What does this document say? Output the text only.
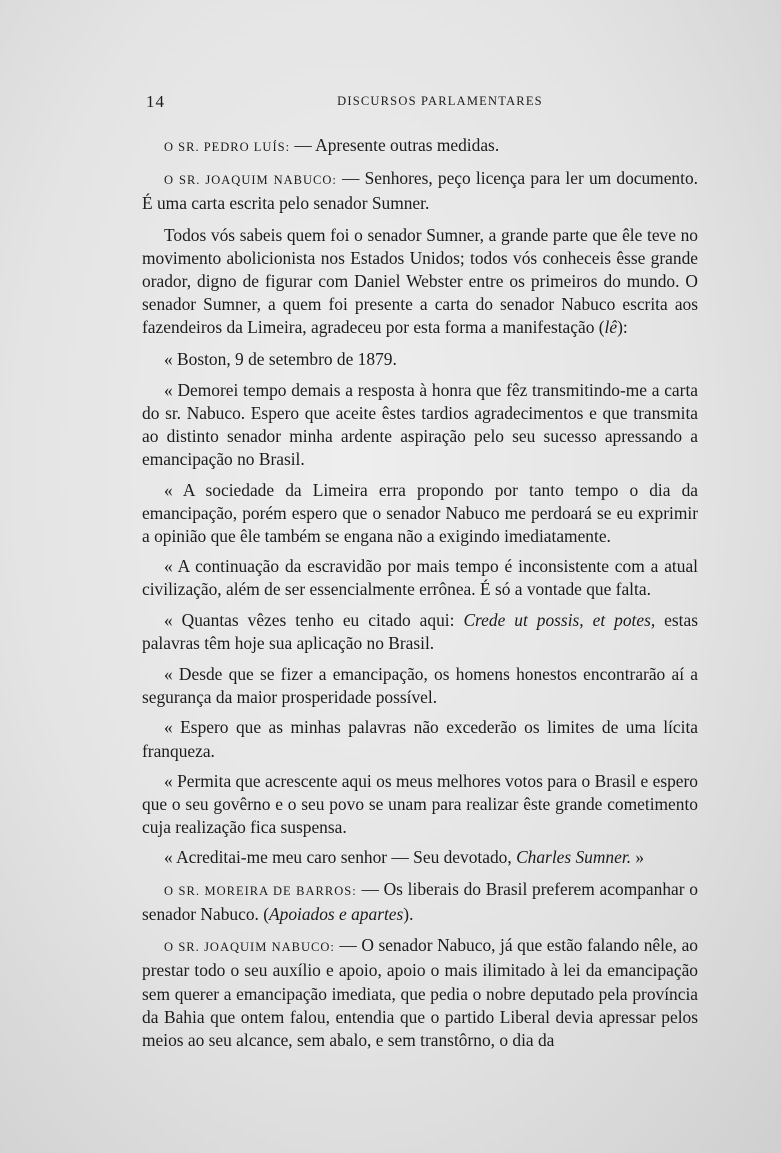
14	DISCURSOS PARLAMENTARES

O SR. PEDRO LUÍS: — Apresente outras medidas.

O SR. JOAQUIM NABUCO: — Senhores, peço licença para ler um documento. É uma carta escrita pelo senador Sumner.

Todos vós sabeis quem foi o senador Sumner, a grande parte que êle teve no movimento abolicionista nos Estados Unidos; todos vós conheceis êsse grande orador, digno de figurar com Daniel Webster entre os primeiros do mundo. O senador Sumner, a quem foi presente a carta do senador Nabuco escrita aos fazendeiros da Limeira, agradeceu por esta forma a manifestação (lê):

« Boston, 9 de setembro de 1879.

« Demorei tempo demais a resposta à honra que fêz transmitindo-me a carta do sr. Nabuco. Espero que aceite êstes tardios agradecimentos e que transmita ao distinto senador minha ardente aspiração pelo seu sucesso apressando a emancipação no Brasil.

« A sociedade da Limeira erra propondo por tanto tempo o dia da emancipação, porém espero que o senador Nabuco me perdoará se eu exprimir a opinião que êle também se engana não a exigindo imediatamente.

« A continuação da escravidão por mais tempo é inconsistente com a atual civilização, além de ser essencialmente errônea. É só a vontade que falta.

« Quantas vêzes tenho eu citado aqui: Crede ut possis, et potes, estas palavras têm hoje sua aplicação no Brasil.

« Desde que se fizer a emancipação, os homens honestos encontrarão aí a segurança da maior prosperidade possível.

« Espero que as minhas palavras não excederão os limites de uma lícita franqueza.

« Permita que acrescente aqui os meus melhores votos para o Brasil e espero que o seu govêrno e o seu povo se unam para realizar êste grande cometimento cuja realização fica suspensa.

« Acreditai-me meu caro senhor — Seu devotado, Charles Sumner. »

O SR. MOREIRA DE BARROS: — Os liberais do Brasil preferem acompanhar o senador Nabuco. (Apoiados e apartes).

O SR. JOAQUIM NABUCO: — O senador Nabuco, já que estão falando nêle, ao prestar todo o seu auxílio e apoio, apoio o mais ilimitado à lei da emancipação sem querer a emancipação imediata, que pedia o nobre deputado pela província da Bahia que ontem falou, entendia que o partido Liberal devia apressar pelos meios ao seu alcance, sem abalo, e sem transtôrno, o dia da
